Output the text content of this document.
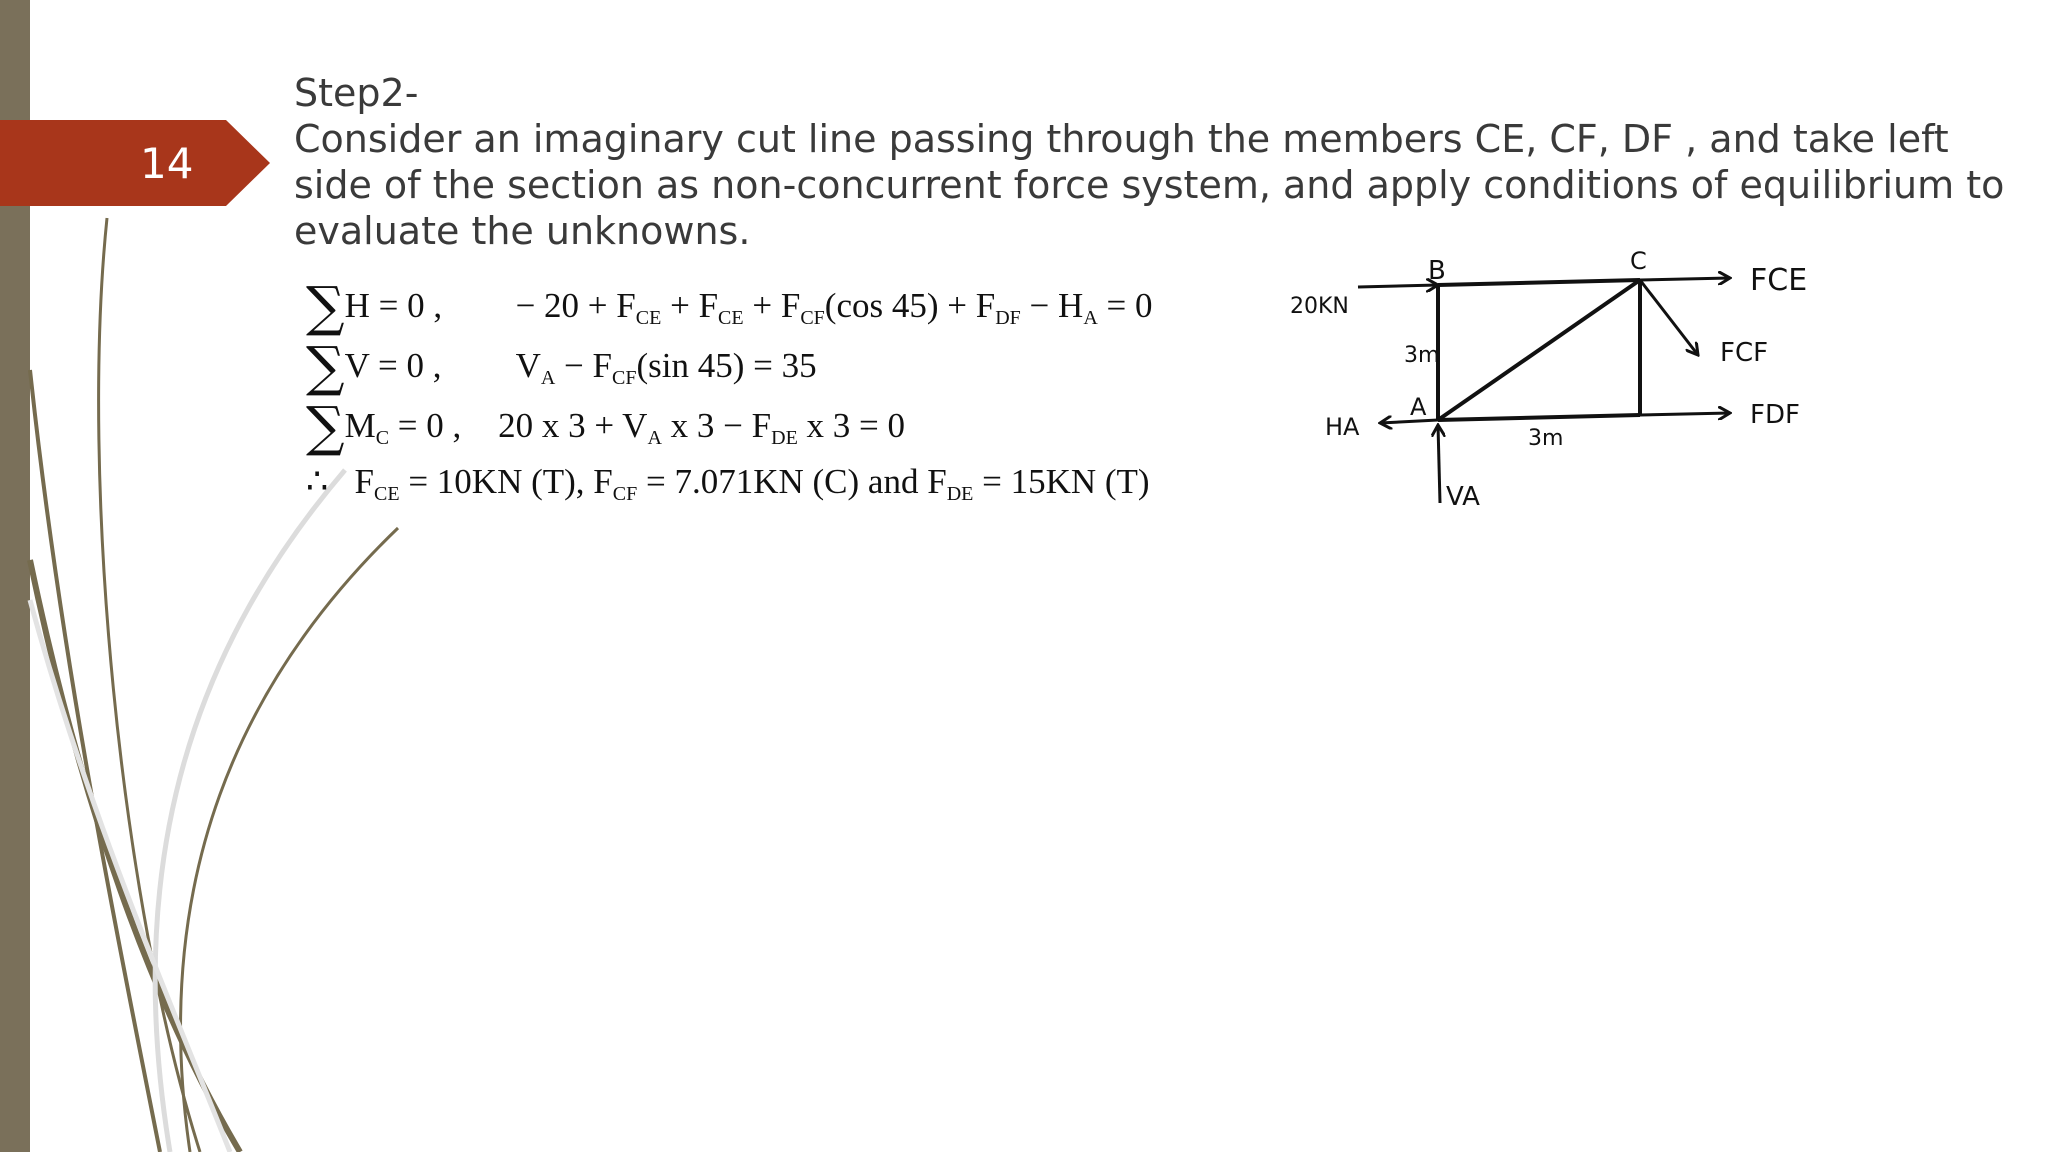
14

Step2-

Consider an imaginary cut line passing through the members CE, CF, DF , and take left side of the section as non-concurrent force system, and apply conditions of equilibrium to evaluate the unknowns.

∑H = 0 , − $20 + F_{CE} + F_{CE} + F_{CF}(\cos$ $45) + F_{DF} - H_A = 0$
∑V = 0 , $V_A - F_{CF}(\sin$ 45) = 35
$\sum M_C = 0$ , 20 x $3 + V_A$ x $3 - F_{DE}$ x 3 = 0
∴ $F_{CE} = 10KN$ (T), $F_{CF} = 7.071KN$ (C) and $F_{DE} = 15KN$ (T)
B	C
A
20KN
3m
3m
FCE
FCF
FDF
HA
VA
